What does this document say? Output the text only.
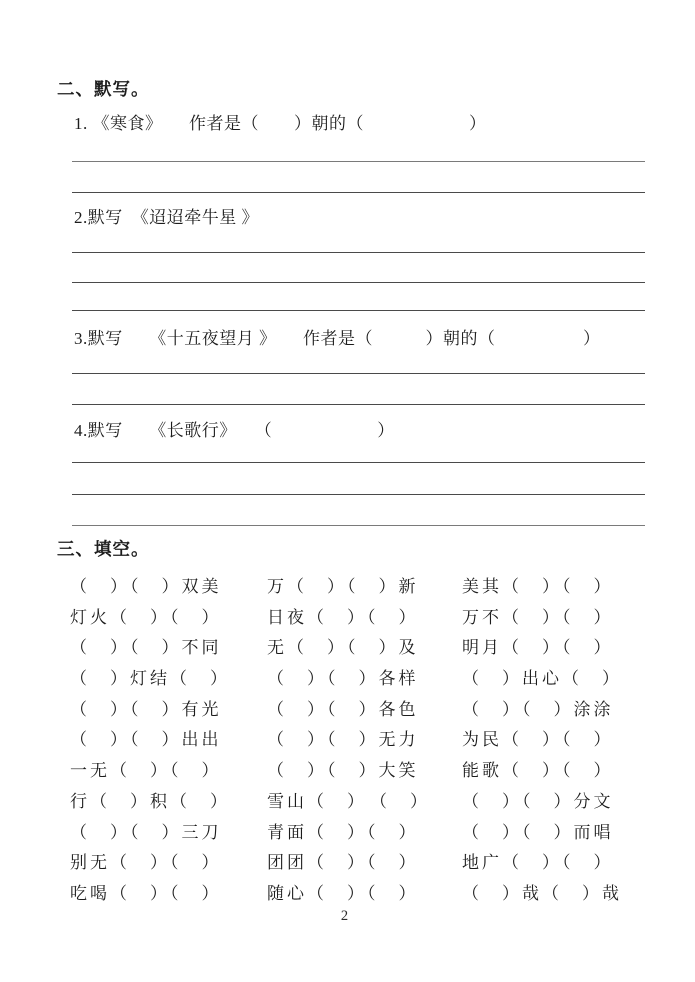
二、默写。
1. 《寒食》　　作者是（　　）朝的（　　　　　　）
2.默写　《迢迢牵牛星 》
3.默写　　《十五夜望月 》　　作者是（　　　）朝的（　　　　　）
4.默写　　《长歌行》　　（　　　　　　）
三、填空。
（　）（　）双美	万（　）（　）新	美其（　）（　）
灯火（　）（　）	日夜（　）（　）	万不（　）（　）
（　）（　）不同	无（　）（　）及	明月（　）（　）
（　）灯结（　）	（　）（　）各样	（　）出心（　）
（　）（　）有光	（　）（　）各色	（　）（　）涂涂
（　）（　）出出	（　）（　）无力	为民（　）（　）
一无（　）（　）	（　）（　）大笑	能歌（　）（　）
行（　）积（　）	雪山（　）　（　）	（　）（　）分文
（　）（　）三刀	青面（　）（　）	（　）（　）而唱
别无（　）（　）	团团（　）（　）	地广（　）（　）
吃喝（　）（　）	随心（　）（　）	（　）哉（　）哉
2
